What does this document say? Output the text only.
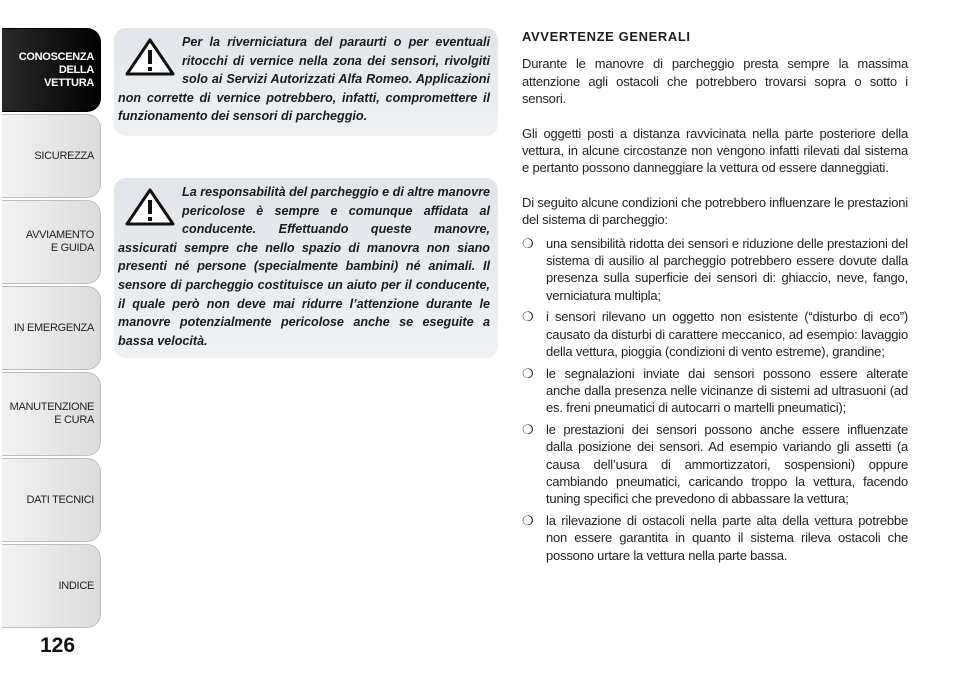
CONOSCENZA
DELLA
VETTURA
SICUREZZA
AVVIAMENTO
E GUIDA
IN EMERGENZA
MANUTENZIONE
E CURA
DATI TECNICI
INDICE
126

Per la riverniciatura del paraurti o per eventuali ritocchi di vernice nella zona dei sensori, rivolgiti solo ai Servizi Autorizzati Alfa Romeo. Applicazioni non corrette di vernice potrebbero, infatti, compromettere il funzionamento dei sensori di parcheggio.

La responsabilità del parcheggio e di altre manovre pericolose è sempre e comunque affidata al conducente. Effettuando queste manovre, assicurati sempre che nello spazio di manovra non siano presenti né persone (specialmente bambini) né animali. Il sensore di parcheggio costituisce un aiuto per il conducente, il quale però non deve mai ridurre l’attenzione durante le manovre potenzialmente pericolose anche se eseguite a bassa velocità.

AVVERTENZE GENERALI

Durante le manovre di parcheggio presta sempre la massima attenzione agli ostacoli che potrebbero trovarsi sopra o sotto i sensori.

Gli oggetti posti a distanza ravvicinata nella parte posteriore della vettura, in alcune circostanze non vengono infatti rilevati dal sistema e pertanto possono danneggiare la vettura od essere danneggiati.

Di seguito alcune condizioni che potrebbero influenzare le prestazioni del sistema di parcheggio:

❍ una sensibilità ridotta dei sensori e riduzione delle prestazioni del sistema di ausilio al parcheggio potrebbero essere dovute dalla presenza sulla superficie dei sensori di: ghiaccio, neve, fango, verniciatura multipla;
❍ i sensori rilevano un oggetto non esistente (“disturbo di eco”) causato da disturbi di carattere meccanico, ad esempio: lavaggio della vettura, pioggia (condizioni di vento estreme), grandine;
❍ le segnalazioni inviate dai sensori possono essere alterate anche dalla presenza nelle vicinanze di sistemi ad ultrasuoni (ad es. freni pneumatici di autocarri o martelli pneumatici);
❍ le prestazioni dei sensori possono anche essere influenzate dalla posizione dei sensori. Ad esempio variando gli assetti (a causa dell’usura di ammortizzatori, sospensioni) oppure cambiando pneumatici, caricando troppo la vettura, facendo tuning specifici che prevedono di abbassare la vettura;
❍ la rilevazione di ostacoli nella parte alta della vettura potrebbe non essere garantita in quanto il sistema rileva ostacoli che possono urtare la vettura nella parte bassa.
